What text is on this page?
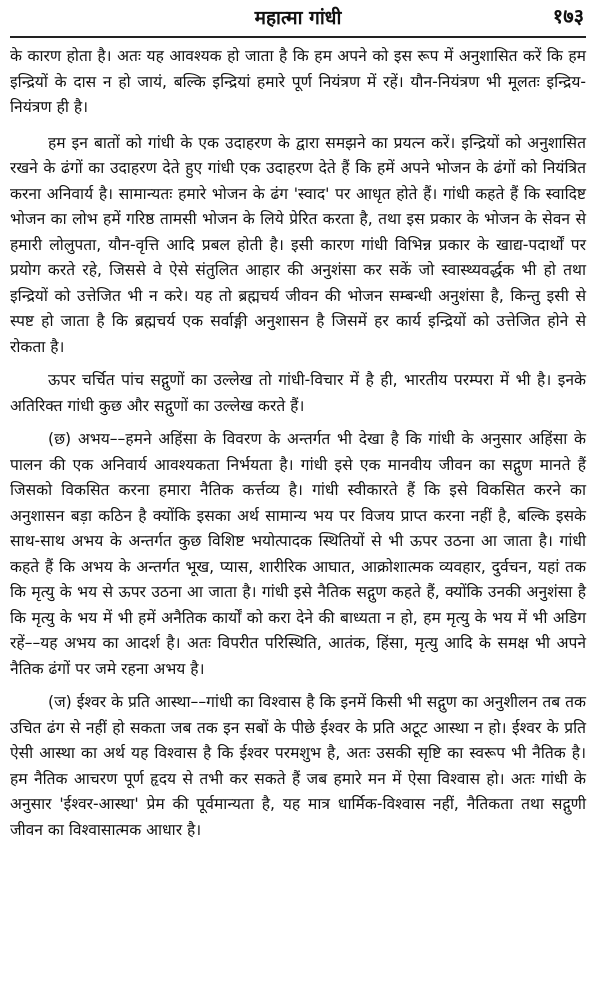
महात्मा गांधी	१७३

के कारण होता है। अतः यह आवश्यक हो जाता है कि हम अपने को इस रूप में अनुशासित करें कि हम इन्द्रियों के दास न हो जायं, बल्कि इन्द्रियां हमारे पूर्ण नियंत्रण में रहें। यौन-नियंत्रण भी मूलतः इन्द्रिय-नियंत्रण ही है।

हम इन बातों को गांधी के एक उदाहरण के द्वारा समझने का प्रयत्न करें। इन्द्रियों को अनुशासित रखने के ढंगों का उदाहरण देते हुए गांधी एक उदाहरण देते हैं कि हमें अपने भोजन के ढंगों को नियंत्रित करना अनिवार्य है। सामान्यतः हमारे भोजन के ढंग 'स्वाद' पर आधृत होते हैं। गांधी कहते हैं कि स्वादिष्ट भोजन का लोभ हमें गरिष्ठ तामसी भोजन के लिये प्रेरित करता है, तथा इस प्रकार के भोजन के सेवन से हमारी लोलुपता, यौन-वृत्ति आदि प्रबल होती है। इसी कारण गांधी विभिन्न प्रकार के खाद्य-पदार्थों पर प्रयोग करते रहे, जिससे वे ऐसे संतुलित आहार की अनुशंसा कर सकें जो स्वास्थ्यवर्द्धक भी हो तथा इन्द्रियों को उत्तेजित भी न करे। यह तो ब्रह्मचर्य जीवन की भोजन सम्बन्धी अनुशंसा है, किन्तु इसी से स्पष्ट हो जाता है कि ब्रह्मचर्य एक सर्वाङ्गी अनुशासन है जिसमें हर कार्य इन्द्रियों को उत्तेजित होने से रोकता है।

ऊपर चर्चित पांच सद्गुणों का उल्लेख तो गांधी-विचार में है ही, भारतीय परम्परा में भी है। इनके अतिरिक्त गांधी कुछ और सद्गुणों का उल्लेख करते हैं।

(छ) अभय––हमने अहिंसा के विवरण के अन्तर्गत भी देखा है कि गांधी के अनुसार अहिंसा के पालन की एक अनिवार्य आवश्यकता निर्भयता है। गांधी इसे एक मानवीय जीवन का सद्गुण मानते हैं जिसको विकसित करना हमारा नैतिक कर्त्तव्य है। गांधी स्वीकारते हैं कि इसे विकसित करने का अनुशासन बड़ा कठिन है क्योंकि इसका अर्थ सामान्य भय पर विजय प्राप्त करना नहीं है, बल्कि इसके साथ-साथ अभय के अन्तर्गत कुछ विशिष्ट भयोत्पादक स्थितियों से भी ऊपर उठना आ जाता है। गांधी कहते हैं कि अभय के अन्तर्गत भूख, प्यास, शारीरिक आघात, आक्रोशात्मक व्यवहार, दुर्वचन, यहां तक कि मृत्यु के भय से ऊपर उठना आ जाता है। गांधी इसे नैतिक सद्गुण कहते हैं, क्योंकि उनकी अनुशंसा है कि मृत्यु के भय में भी हमें अनैतिक कार्यों को करा देने की बाध्यता न हो, हम मृत्यु के भय में भी अडिग रहें––यह अभय का आदर्श है। अतः विपरीत परिस्थिति, आतंक, हिंसा, मृत्यु आदि के समक्ष भी अपने नैतिक ढंगों पर जमे रहना अभय है।

(ज) ईश्वर के प्रति आस्था––गांधी का विश्वास है कि इनमें किसी भी सद्गुण का अनुशीलन तब तक उचित ढंग से नहीं हो सकता जब तक इन सबों के पीछे ईश्वर के प्रति अटूट आस्था न हो। ईश्वर के प्रति ऐसी आस्था का अर्थ यह विश्वास है कि ईश्वर परमशुभ है, अतः उसकी सृष्टि का स्वरूप भी नैतिक है। हम नैतिक आचरण पूर्ण हृदय से तभी कर सकते हैं जब हमारे मन में ऐसा विश्वास हो। अतः गांधी के अनुसार 'ईश्वर-आस्था' प्रेम की पूर्वमान्यता है, यह मात्र धार्मिक-विश्वास नहीं, नैतिकता तथा सद्गुणी जीवन का विश्वासात्मक आधार है।
